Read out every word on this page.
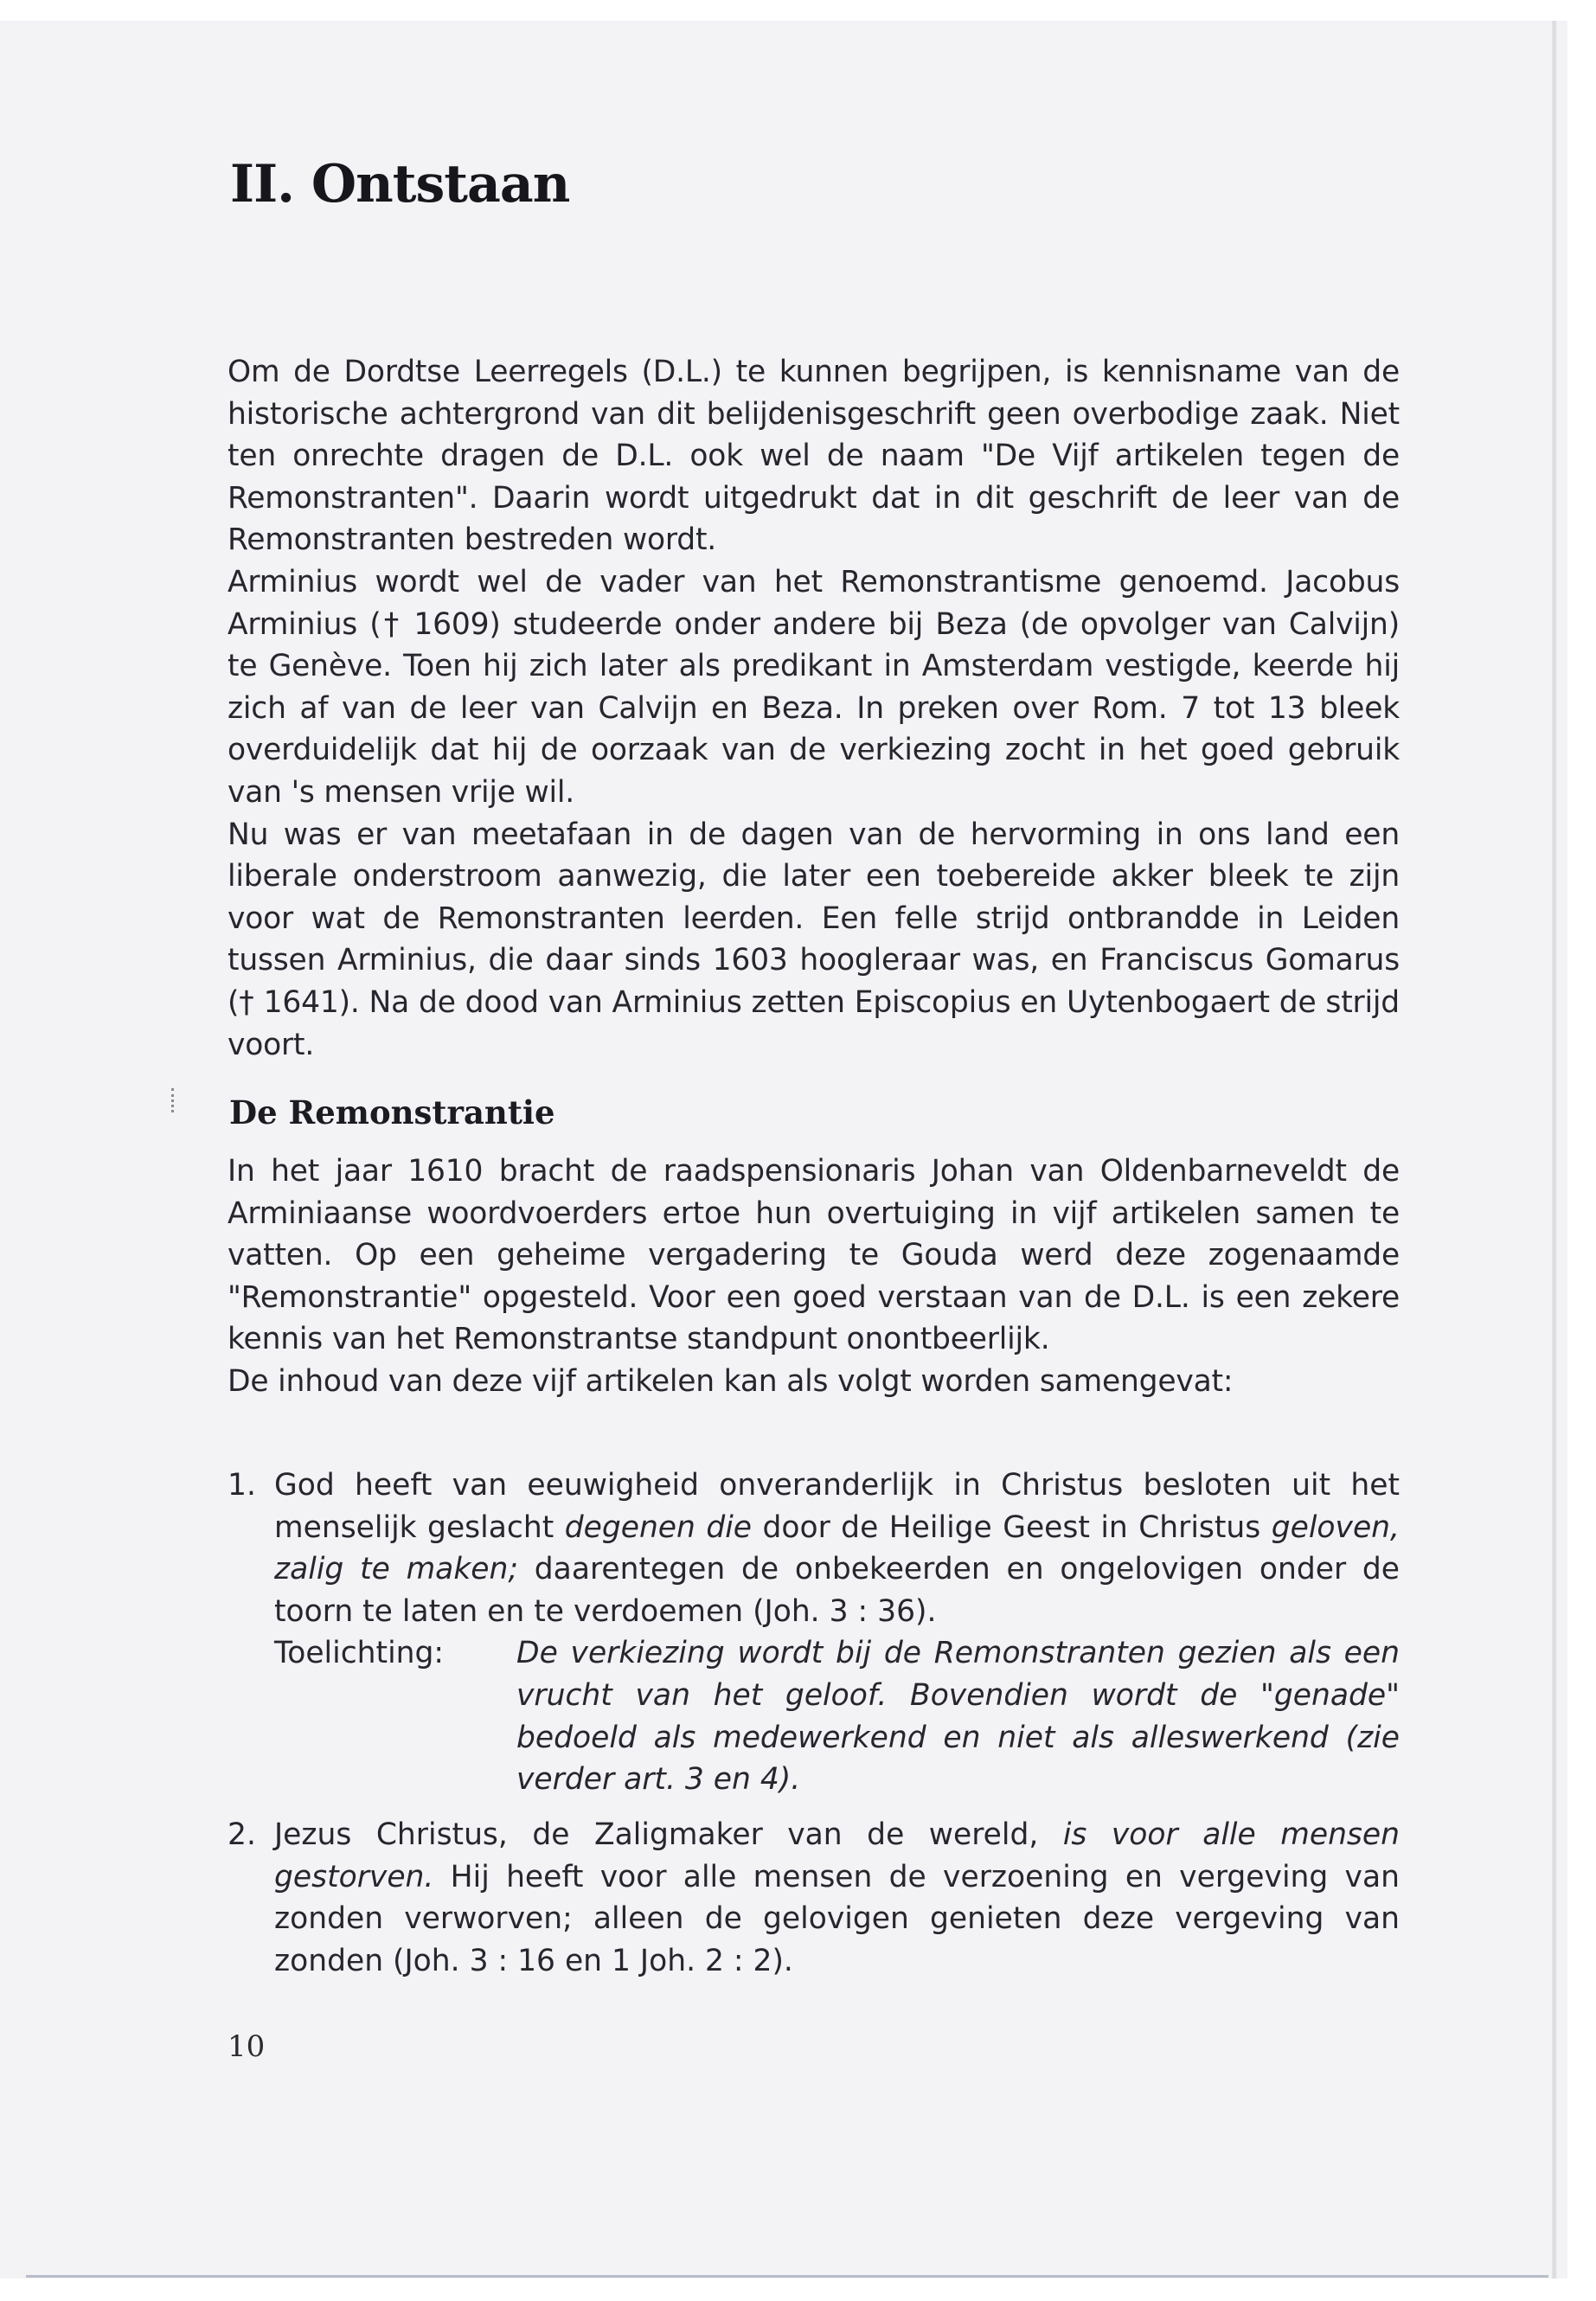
II. Ontstaan

Om de Dordtse Leerregels (D.L.) te kunnen begrijpen, is kennisname van de historische achtergrond van dit belijdenisgeschrift geen overbodige zaak. Niet ten onrechte dragen de D.L. ook wel de naam "De Vijf artikelen tegen de Remonstranten". Daarin wordt uitgedrukt dat in dit geschrift de leer van de Remonstranten bestreden wordt.

Arminius wordt wel de vader van het Remonstrantisme genoemd. Jacobus Arminius († 1609) studeerde onder andere bij Beza (de opvolger van Calvijn) te Genève. Toen hij zich later als predikant in Amsterdam vestigde, keerde hij zich af van de leer van Calvijn en Beza. In preken over Rom. 7 tot 13 bleek overduidelijk dat hij de oorzaak van de verkiezing zocht in het goed gebruik van 's mensen vrije wil.

Nu was er van meetafaan in de dagen van de hervorming in ons land een liberale onderstroom aanwezig, die later een toebereide akker bleek te zijn voor wat de Remonstranten leerden. Een felle strijd ontbrandde in Leiden tussen Arminius, die daar sinds 1603 hoogleraar was, en Franciscus Gomarus († 1641). Na de dood van Arminius zetten Episcopius en Uytenbogaert de strijd voort.

De Remonstrantie

In het jaar 1610 bracht de raadspensionaris Johan van Oldenbarneveldt de Arminiaanse woordvoerders ertoe hun overtuiging in vijf artikelen samen te vatten. Op een geheime vergadering te Gouda werd deze zogenaamde "Remonstrantie" opgesteld. Voor een goed verstaan van de D.L. is een zekere kennis van het Remonstrantse standpunt onontbeerlijk.

De inhoud van deze vijf artikelen kan als volgt worden samengevat:

1. God heeft van eeuwigheid onveranderlijk in Christus besloten uit het menselijk geslacht degenen die door de Heilige Geest in Christus geloven, zalig te maken; daarentegen de onbekeerden en ongelovigen onder de toorn te laten en te verdoemen (Joh. 3 : 36).
Toelichting:	De verkiezing wordt bij de Remonstranten gezien als een vrucht van het geloof. Bovendien wordt de "genade" bedoeld als medewerkend en niet als alleswerkend (zie verder art. 3 en 4).
2. Jezus Christus, de Zaligmaker van de wereld, is voor alle mensen gestorven. Hij heeft voor alle mensen de verzoening en vergeving van zonden verworven; alleen de gelovigen genieten deze vergeving van zonden (Joh. 3 : 16 en 1 Joh. 2 : 2).
10
